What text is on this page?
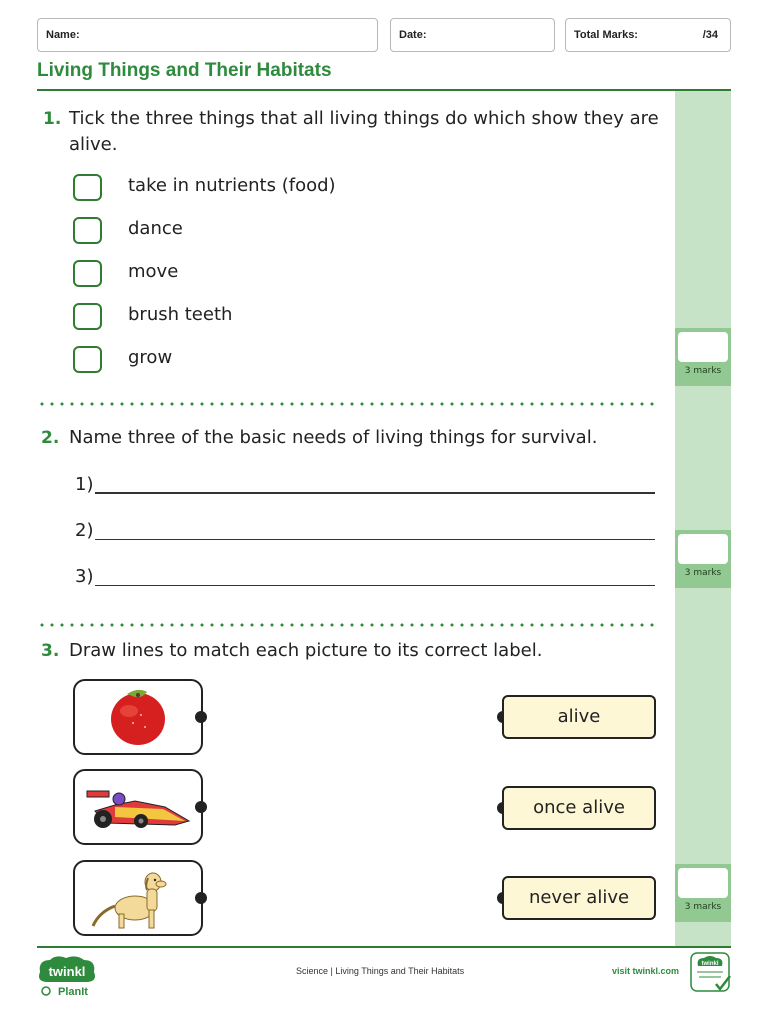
Name:	Date:	Total Marks:	/34
Living Things and Their Habitats
3 marks
3 marks
3 marks
1. Tick the three things that all living things do which show they are alive.
take in nutrients (food)
dance
move
brush teeth
grow
2. Name three of the basic needs of living things for survival.
1)
2)
3)
3. Draw lines to match each picture to its correct label.
alive
once alive
never alive
twinkl
PlanIt
Science | Living Things and Their Habitats	visit twinkl.com
twinkl
